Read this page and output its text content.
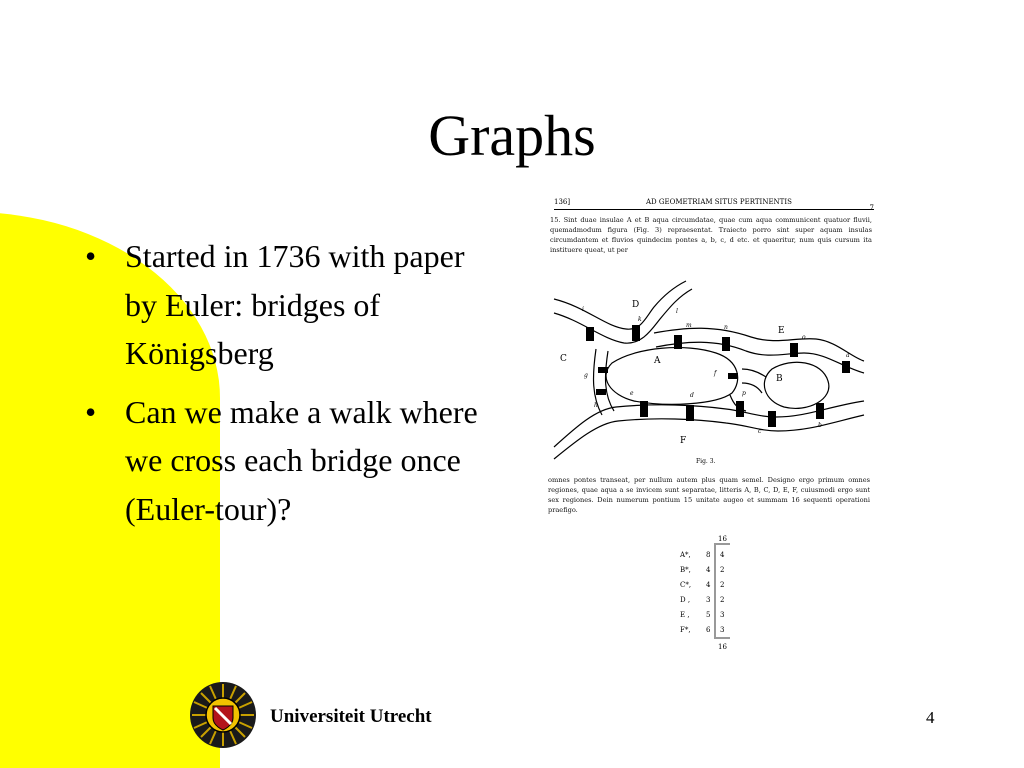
Graphs
• Started in 1736 with paper by Euler: bridges of Königsberg
• Can we make a walk where we cross each bridge once (Euler-tour)?
136]	AD GEOMETRIAM SITUS PERTINENTIS
7
15. Sint duae insulae A et B aqua circumdatae, quae cum aqua communicent quatuor fluvii, quemadmodum figura (Fig. 3) repraesentat. Traiecto porro sint super aquam insulas circumdantem et fluvios quindecim pontes a, b, c, d etc. et quaeritur, num quis cursum ita instituere queat, ut per
A
B
C
D
E
F
a
b
c
d
e
f
g
h
i
k
l
m	n
o
p
Fig. 3.
omnes pontes transeat, per nullum autem plus quam semel. Designo ergo primum omnes regiones, quae aqua a se invicem sunt separatae, litteris A, B, C, D, E, F, cuiusmodi ergo sunt sex regiones. Dein numerum pontium 15 unitate augeo et summam 16 sequenti operationi praefigo.
16
A*, 8 4
B*, 4 2
C*, 4 2
D , 3 2
E , 5 3
F*, 6 3
16
Universiteit Utrecht	4
